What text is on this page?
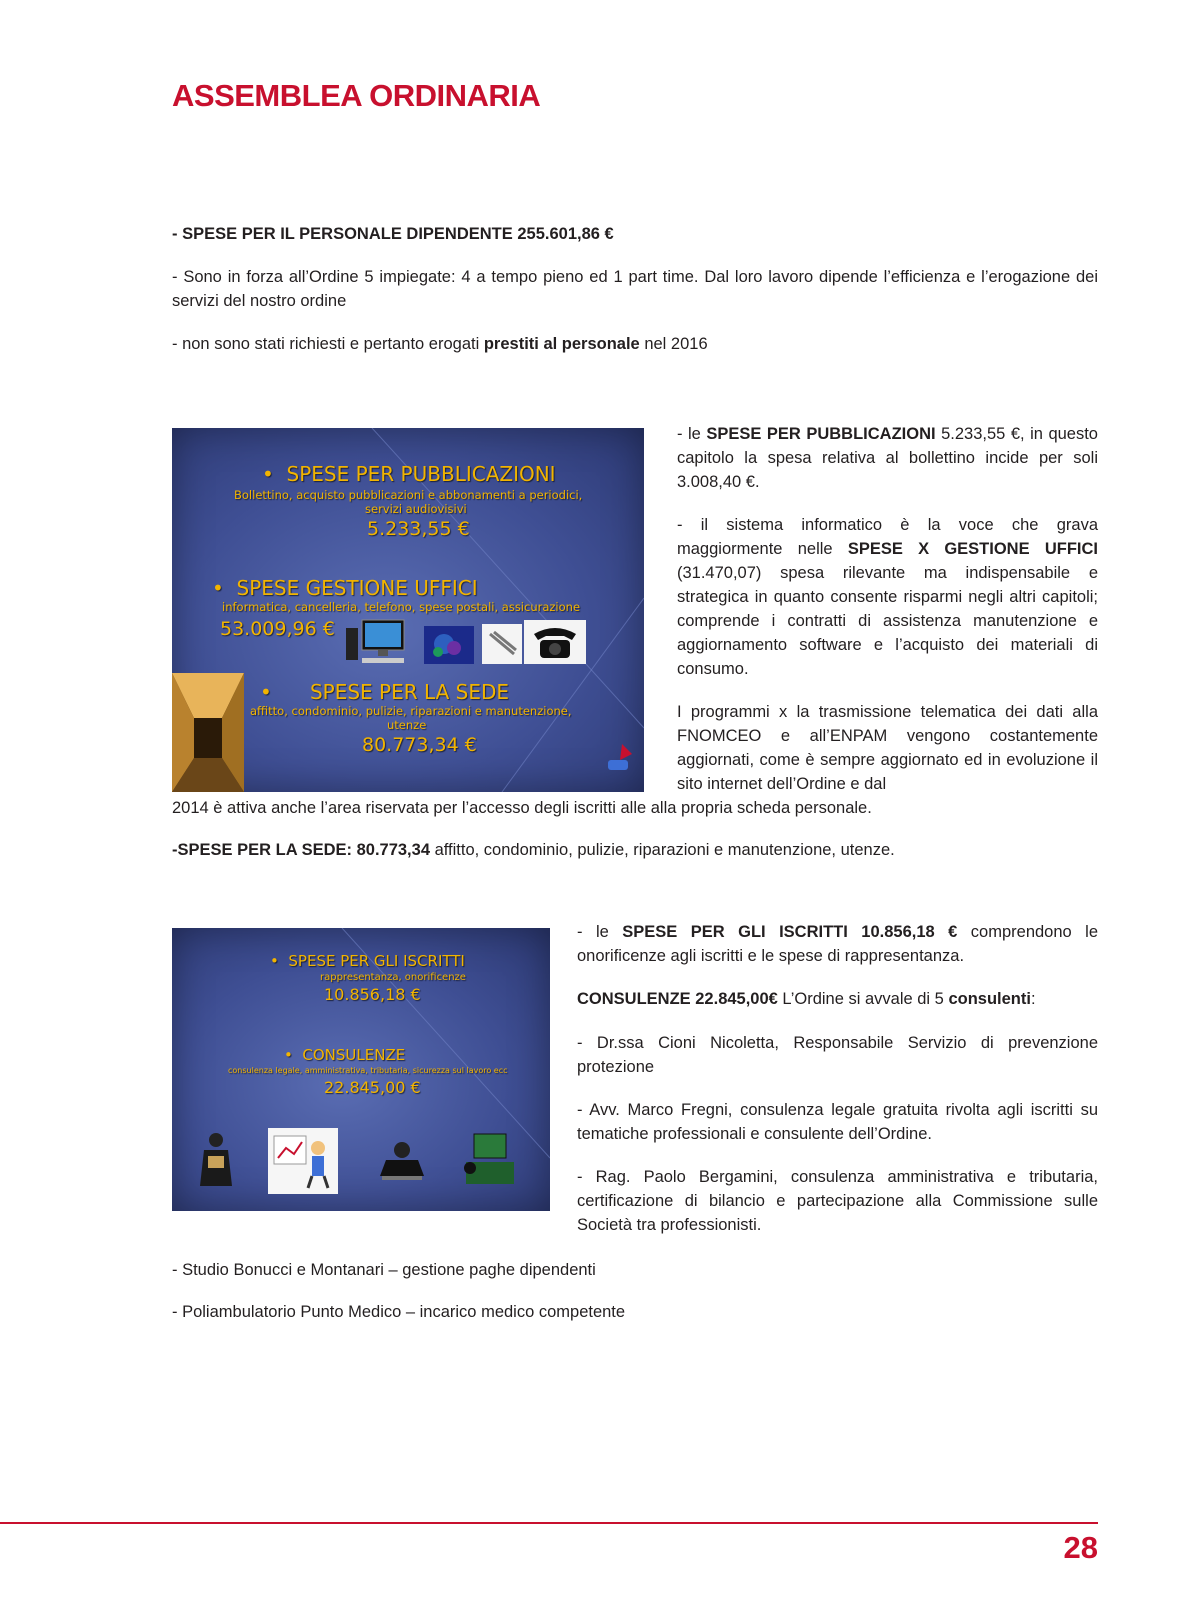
ASSEMBLEA ORDINARIA

- SPESE PER IL PERSONALE DIPENDENTE 255.601,86 €

- Sono in forza all’Ordine 5 impiegate: 4 a tempo pieno ed 1 part time. Dal loro lavoro dipende l’efficienza e l’erogazione dei servizi del nostro ordine

- non sono stati richiesti e pertanto erogati prestiti al personale nel 2016

• SPESE PER PUBBLICAZIONI
Bollettino, acquisto pubblicazioni e abbonamenti a periodici,
servizi audiovisivi
5.233,55 €
• SPESE GESTIONE UFFICI
informatica, cancelleria, telefono, spese postali, assicurazione
53.009,96 €
• SPESE PER LA SEDE
affitto, condominio, pulizie, riparazioni e manutenzione,
utenze
80.773,34 €

- le SPESE PER PUBBLICAZIONI 5.233,55 €, in questo capitolo la spesa relativa al bollettino incide per soli 3.008,40 €.

- il sistema informatico è la voce che grava maggiormente nelle SPESE X GESTIONE UFFICI (31.470,07) spesa rilevante ma indispensabile e strategica in quanto consente risparmi negli altri capitoli; comprende i contratti di assistenza manutenzione e aggiornamento software e l’acquisto dei materiali di consumo.

I programmi x la trasmissione telematica dei dati alla FNOMCEO e all’ENPAM vengono costantemente aggiornati, come è sempre aggiornato ed in evoluzione il sito internet dell’Ordine e dal

2014 è attiva anche l’area riservata per l’accesso degli iscritti alle alla propria scheda personale.

-SPESE PER LA SEDE: 80.773,34 affitto, condominio, pulizie, riparazioni e manutenzione, utenze.

• SPESE PER GLI ISCRITTI
rappresentanza, onorificenze
10.856,18 €
• CONSULENZE
consulenza legale, amministrativa, tributaria, sicurezza sul lavoro ecc
22.845,00 €

- le SPESE PER GLI ISCRITTI 10.856,18 € comprendono le onorificenze agli iscritti e le spese di rappresentanza.

CONSULENZE 22.845,00€ L’Ordine si avvale di 5 consulenti:

- Dr.ssa Cioni Nicoletta, Responsabile Servizio di prevenzione protezione

- Avv. Marco Fregni, consulenza legale gratuita rivolta agli iscritti su tematiche professionali e consulente dell’Ordine.

- Rag. Paolo Bergamini, consulenza amministrativa e tributaria, certificazione di bilancio e partecipazione alla Commissione sulle Società tra professionisti.

- Studio Bonucci e Montanari – gestione paghe dipendenti

- Poliambulatorio Punto Medico – incarico medico competente

28
